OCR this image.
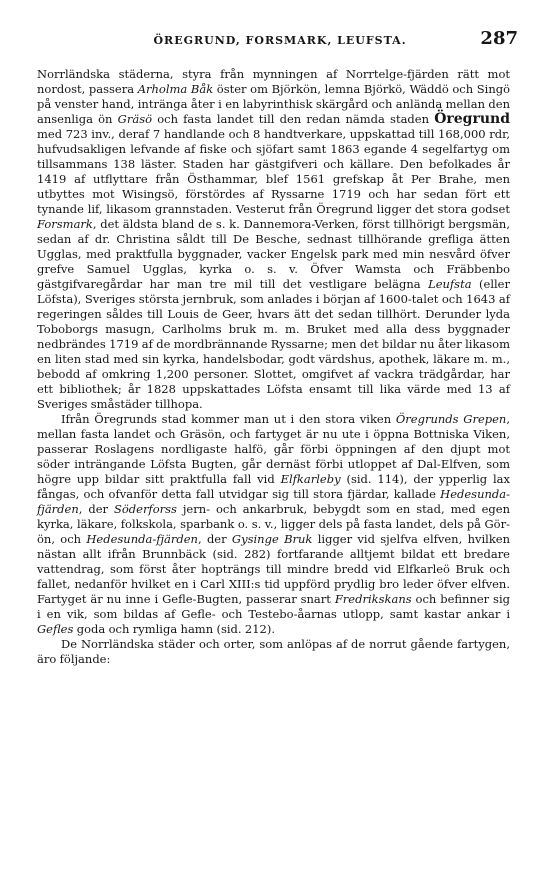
ÖREGRUND, FORSMARK, LEUFSTA.	287

Norrländska städerna, styra från mynningen af Norrtelge-fjärden rätt mot nordost, passera Arholma Båk öster om Björkön, lemna Björkö, Wäddö och Singö på venster hand, intränga åter i en labyrinthisk skärgård och anlända mellan den ansenliga ön Gräsö och fasta landet till den redan nämda staden Öregrund med 723 inv., deraf 7 handlande och 8 handtverkare, uppskattad till 168,000 rdr, hufvudsakligen lefvande af fiske och sjöfart samt 1863 egande 4 segelfartyg om tillsammans 138 läster. Staden har gästgifveri och källare. Den befolkades år 1419 af utflyttare från Östhammar, blef 1561 grefskap åt Per Brahe, men utbyttes mot Wisingsö, förstördes af Ryssarne 1719 och har sedan fört ett tynande lif, likasom grannstaden. Vesterut från Öregrund ligger det stora godset Forsmark, det äldsta bland de s. k. Dannemora-Verken, först tillhörigt bergsmän, sedan af dr. Christina såldt till De Besche, sednast tillhörande grefliga ätten Ugglas, med praktfulla byggnader, vacker Engelsk park med min nesvård öfver grefve Samuel Ugglas, kyrka o. s. v. Öfver Wamsta och Fräbbenbo gästgifvaregårdar har man tre mil till det vestligare belägna Leufsta (eller Löfsta), Sveriges största jernbruk, som anlades i början af 1600-talet och 1643 af regeringen såldes till Louis de Geer, hvars ätt det sedan tillhört. Derunder lyda Toboborgs masugn, Carlholms bruk m. m. Bruket med alla dess byggnader nedbrändes 1719 af de mordbrännande Ryssarne; men det bildar nu åter likasom en liten stad med sin kyrka, handelsbodar, godt värdshus, apothek, läkare m. m., bebodd af omkring 1,200 personer. Slottet, omgifvet af vackra trädgårdar, har ett bibliothek; år 1828 uppskattades Löfsta ensamt till lika värde med 13 af Sveriges småstäder tillhopa.

Ifrån Öregrunds stad kommer man ut i den stora viken Öregrunds Grepen, mellan fasta landet och Gräsön, och fartyget är nu ute i öppna Bottniska Viken, passerar Roslagens nordligaste halfö, går förbi öppningen af den djupt mot söder inträngande Löfsta Bugten, går dernäst förbi utloppet af Dal-Elfven, som högre upp bildar sitt praktfulla fall vid Elfkarleby (sid. 114), der ypperlig lax fångas, och ofvanför detta fall utvidgar sig till stora fjärdar, kallade Hedesunda-fjärden, der Söderforss jern- och ankarbruk, bebygdt som en stad, med egen kyrka, läkare, folkskola, sparbank o. s. v., ligger dels på fasta landet, dels på Gör-ön, och Hedesunda-fjärden, der Gysinge Bruk ligger vid sjelfva elfven, hvilken nästan allt ifrån Brunnbäck (sid. 282) fortfarande alltjemt bildat ett bredare vattendrag, som först åter hopträngs till mindre bredd vid Elfkarleö Bruk och fallet, nedanför hvilket en i Carl XIII:s tid uppförd prydlig bro leder öfver elfven. Fartyget är nu inne i Gefle-Bugten, passerar snart Fredrikskans och befinner sig i en vik, som bildas af Gefle- och Testebo-åarnas utlopp, samt kastar ankar i Gefles goda och rymliga hamn (sid. 212).

De Norrländska städer och orter, som anlöpas af de norrut gående fartygen, äro följande:
